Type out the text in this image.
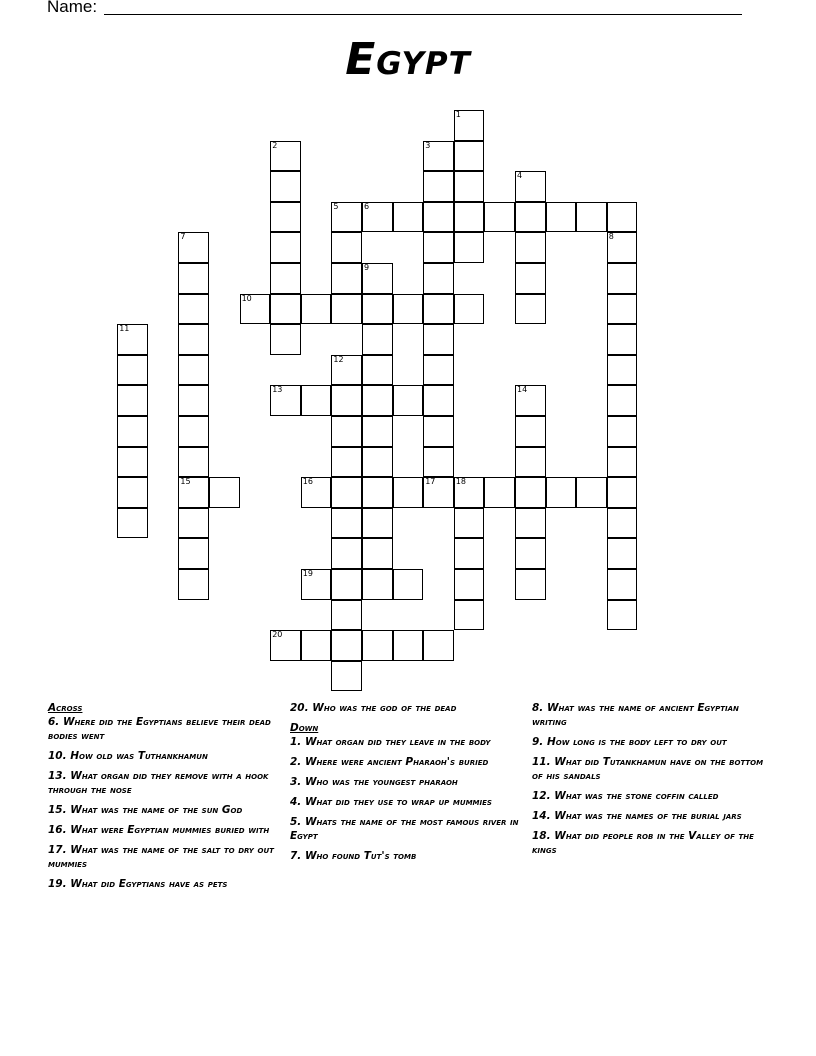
Name:
Egypt
1
2	3
4
5	6
7
15
8
9
10
11
12
13	14
16	17	18
19
20
Across
6. Where did the Egyptians believe their dead bodies went
10. How old was Tuthankhamun
13. What organ did they remove with a hook through the nose
15. What was the name of the sun God
16. What were Egyptian mummies buried with
17. What was the name of the salt to dry out mummies
19. What did Egyptians have as pets
20. Who was the god of the dead
Down
1. What organ did they leave in the body
2. Where were ancient Pharaoh's buried
3. Who was the youngest pharaoh
4. What did they use to wrap up mummies
5. Whats the name of the most famous river in Egypt
7. Who found Tut's tomb
8. What was the name of ancient Egyptian writing
9. How long is the body left to dry out
11. What did Tutankhamun have on the bottom of his sandals
12. What was the stone coffin called
14. What was the names of the burial jars
18. What did people rob in the Valley of the kings
